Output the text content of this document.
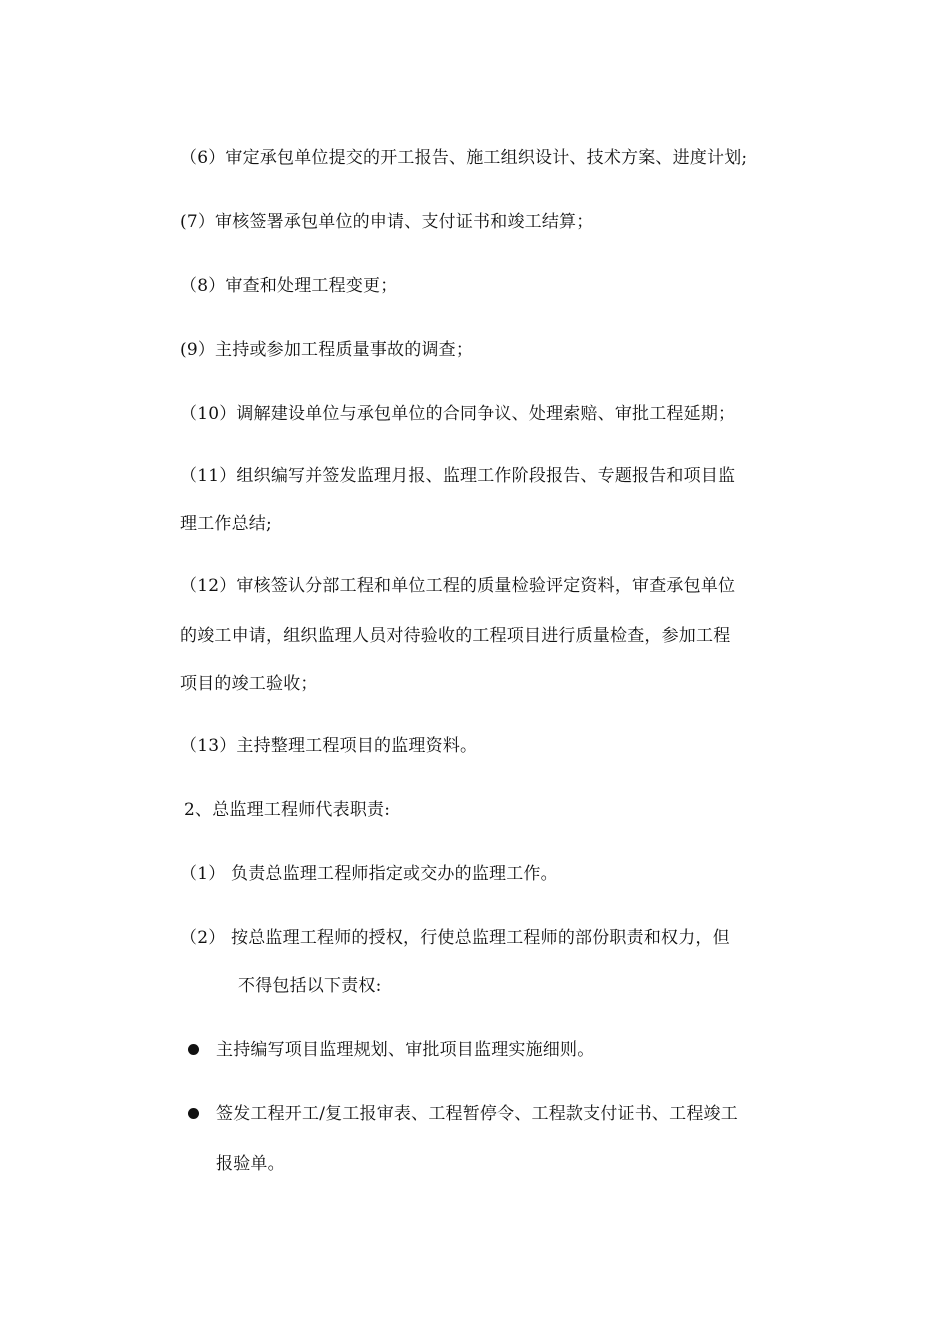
（6）审定承包单位提交的开工报告、施工组织设计、技术方案、进度计划;
(7）审核签署承包单位的申请、支付证书和竣工结算；
（8）审查和处理工程变更；
(9）主持或参加工程质量事故的调查；
（10）调解建设单位与承包单位的合同争议、处理索赔、审批工程延期；
（11）组织编写并签发监理月报、监理工作阶段报告、专题报告和项目监
理工作总结;
（12）审核签认分部工程和单位工程的质量检验评定资料，审查承包单位
的竣工申请，组织监理人员对待验收的工程项目进行质量检查，参加工程
项目的竣工验收；
（13）主持整理工程项目的监理资料。
2、总监理工程师代表职责:
（1） 负责总监理工程师指定或交办的监理工作。
（2） 按总监理工程师的授权，行使总监理工程师的部份职责和权力，但
不得包括以下责权:
主持编写项目监理规划、审批项目监理实施细则。
签发工程开工/复工报审表、工程暂停令、工程款支付证书、工程竣工
报验单。
